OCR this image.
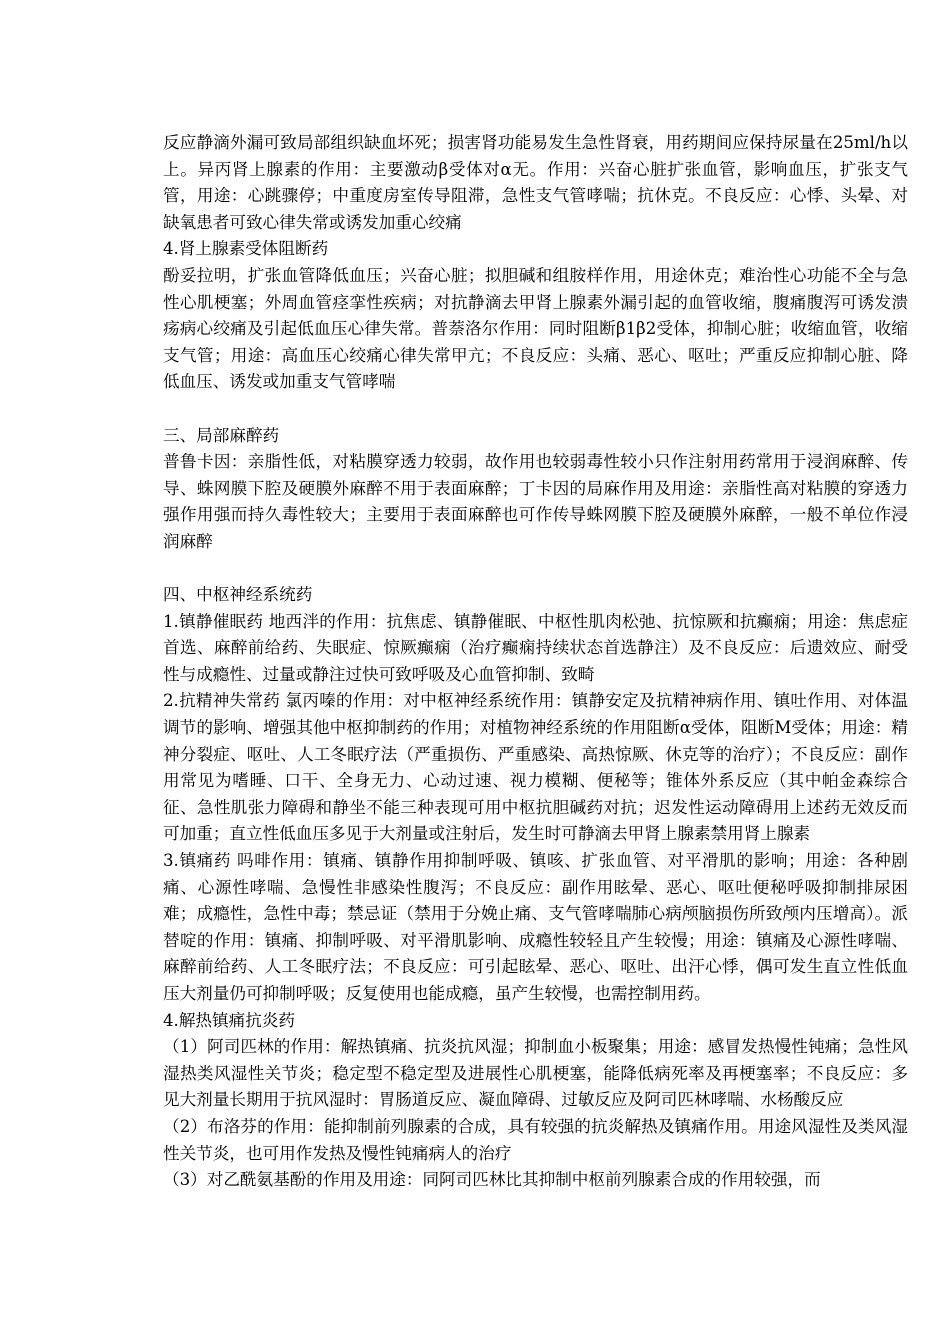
反应静滴外漏可致局部组织缺血坏死；损害肾功能易发生急性肾衰，用药期间应保持尿量在25ml/h以上。异丙肾上腺素的作用：主要激动β受体对α无。作用：兴奋心脏扩张血管，影响血压，扩张支气管，用途：心跳骤停；中重度房室传导阻滞，急性支气管哮喘；抗休克。不良反应：心悸、头晕、对缺氧患者可致心律失常或诱发加重心绞痛

4.肾上腺素受体阻断药

酚妥拉明，扩张血管降低血压；兴奋心脏；拟胆碱和组胺样作用，用途休克；难治性心功能不全与急性心肌梗塞；外周血管痉挛性疾病；对抗静滴去甲肾上腺素外漏引起的血管收缩，腹痛腹泻可诱发溃疡病心绞痛及引起低血压心律失常。普萘洛尔作用：同时阻断β1β2受体，抑制心脏；收缩血管，收缩支气管；用途：高血压心绞痛心律失常甲亢；不良反应：头痛、恶心、呕吐；严重反应抑制心脏、降低血压、诱发或加重支气管哮喘

三、局部麻醉药

普鲁卡因：亲脂性低，对粘膜穿透力较弱，故作用也较弱毒性较小只作注射用药常用于浸润麻醉、传导、蛛网膜下腔及硬膜外麻醉不用于表面麻醉；丁卡因的局麻作用及用途：亲脂性高对粘膜的穿透力强作用强而持久毒性较大；主要用于表面麻醉也可作传导蛛网膜下腔及硬膜外麻醉，一般不单位作浸润麻醉

四、中枢神经系统药

1.镇静催眠药 地西泮的作用：抗焦虑、镇静催眠、中枢性肌肉松弛、抗惊厥和抗癫痫；用途：焦虑症首选、麻醉前给药、失眠症、惊厥癫痫（治疗癫痫持续状态首选静注）及不良反应：后遗效应、耐受性与成瘾性、过量或静注过快可致呼吸及心血管抑制、致畸

2.抗精神失常药 氯丙嗪的作用：对中枢神经系统作用：镇静安定及抗精神病作用、镇吐作用、对体温调节的影响、增强其他中枢抑制药的作用；对植物神经系统的作用阻断α受体，阻断M受体；用途：精神分裂症、呕吐、人工冬眠疗法（严重损伤、严重感染、高热惊厥、休克等的治疗）；不良反应：副作用常见为嗜睡、口干、全身无力、心动过速、视力模糊、便秘等；锥体外系反应（其中帕金森综合征、急性肌张力障碍和静坐不能三种表现可用中枢抗胆碱药对抗；迟发性运动障碍用上述药无效反而可加重；直立性低血压多见于大剂量或注射后，发生时可静滴去甲肾上腺素禁用肾上腺素

3.镇痛药 吗啡作用：镇痛、镇静作用抑制呼吸、镇咳、扩张血管、对平滑肌的影响；用途：各种剧痛、心源性哮喘、急慢性非感染性腹泻；不良反应：副作用眩晕、恶心、呕吐便秘呼吸抑制排尿困难；成瘾性，急性中毒；禁忌证（禁用于分娩止痛、支气管哮喘肺心病颅脑损伤所致颅内压增高）。派替啶的作用：镇痛、抑制呼吸、对平滑肌影响、成瘾性较轻且产生较慢；用途：镇痛及心源性哮喘、麻醉前给药、人工冬眠疗法；不良反应：可引起眩晕、恶心、呕吐、出汗心悸，偶可发生直立性低血压大剂量仍可抑制呼吸；反复使用也能成瘾，虽产生较慢，也需控制用药。

4.解热镇痛抗炎药

（1）阿司匹林的作用：解热镇痛、抗炎抗风湿；抑制血小板聚集；用途：感冒发热慢性钝痛；急性风湿热类风湿性关节炎；稳定型不稳定型及进展性心肌梗塞，能降低病死率及再梗塞率；不良反应：多见大剂量长期用于抗风湿时：胃肠道反应、凝血障碍、过敏反应及阿司匹林哮喘、水杨酸反应

（2）布洛芬的作用：能抑制前列腺素的合成，具有较强的抗炎解热及镇痛作用。用途风湿性及类风湿性关节炎，也可用作发热及慢性钝痛病人的治疗

（3）对乙酰氨基酚的作用及用途：同阿司匹林比其抑制中枢前列腺素合成的作用较强，而
